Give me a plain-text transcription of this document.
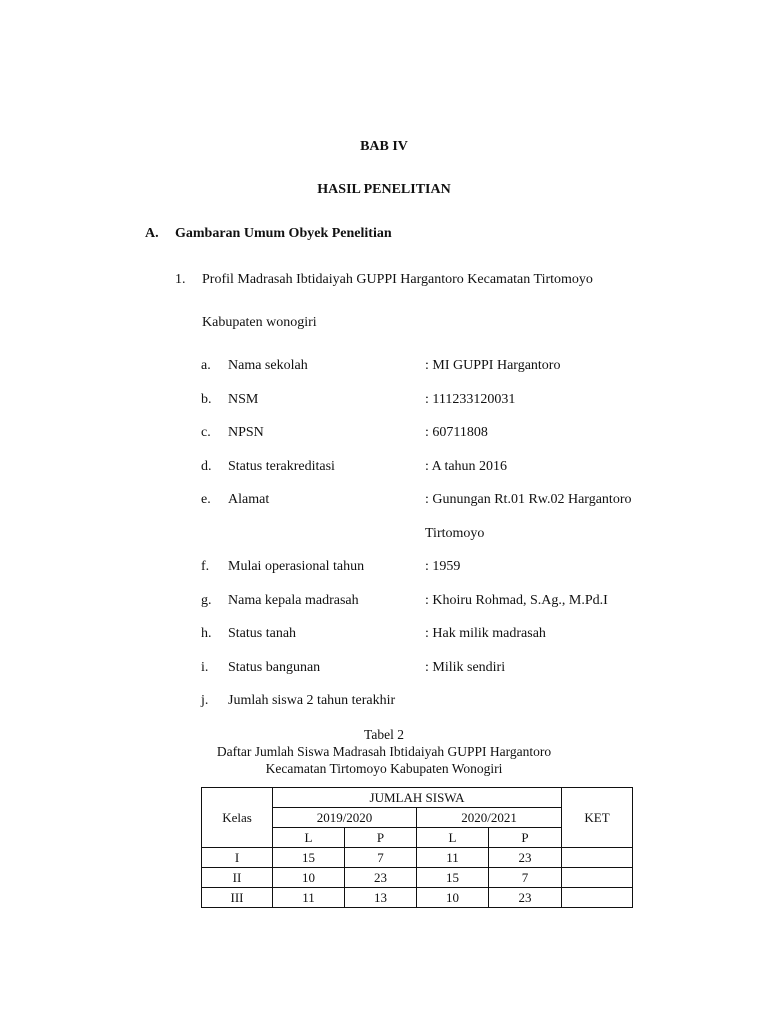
BAB IV
HASIL PENELITIAN
A. Gambaran Umum Obyek Penelitian
1. Profil Madrasah Ibtidaiyah GUPPI Hargantoro Kecamatan Tirtomoyo
Kabupaten wonogiri
a. Nama sekolah	: MI GUPPI Hargantoro
b. NSM	: 111233120031
c. NPSN	: 60711808
d. Status terakreditasi	: A tahun 2016
e. Alamat	: Gunungan Rt.01 Rw.02 Hargantoro
Tirtomoyo
f. Mulai operasional tahun	: 1959
g. Nama kepala madrasah	: Khoiru Rohmad, S.Ag., M.Pd.I
h. Status tanah	: Hak milik madrasah
i. Status bangunan	: Milik sendiri
j. Jumlah siswa 2 tahun terakhir
Tabel 2
Daftar Jumlah Siswa Madrasah Ibtidaiyah GUPPI Hargantoro
Kecamatan Tirtomoyo Kabupaten Wonogiri
Kelas	JUMLAH SISWA				KET
	2019/2020		2020/2021		
	L	P	L	P	
I	15	7	11	23	
II	10	23	15	7	
III	11	13	10	23	
